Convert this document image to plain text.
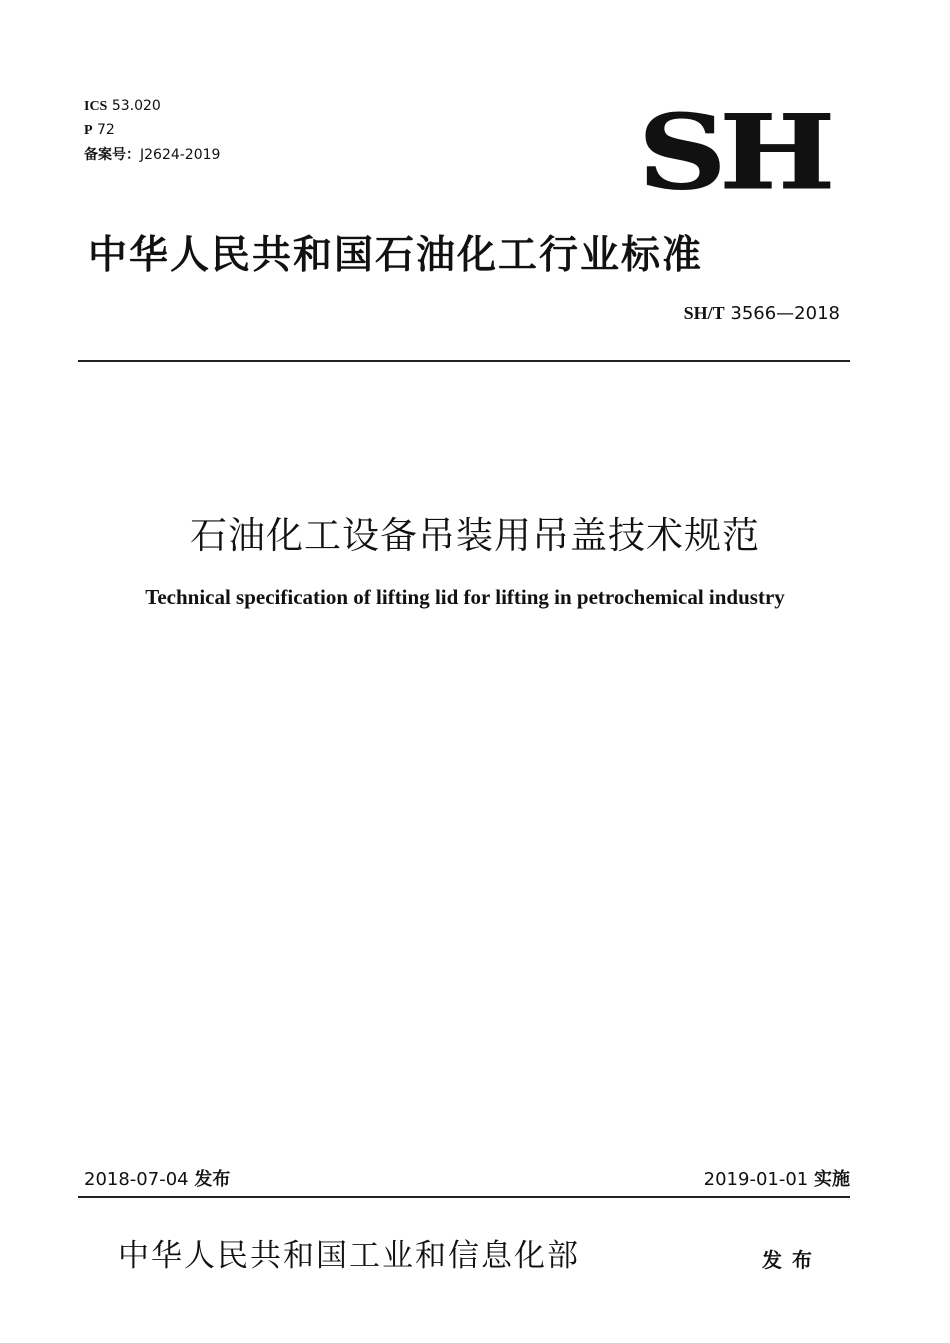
ICS 53.020
P 72
备案号：J2624-2019	SH
中华人民共和国石油化工行业标准
SH/T 3566—2018
石油化工设备吊装用吊盖技术规范
Technical specification of lifting lid for lifting in petrochemical industry
2018-07-04 发布	2019-01-01 实施
中华人民共和国工业和信息化部	发布
